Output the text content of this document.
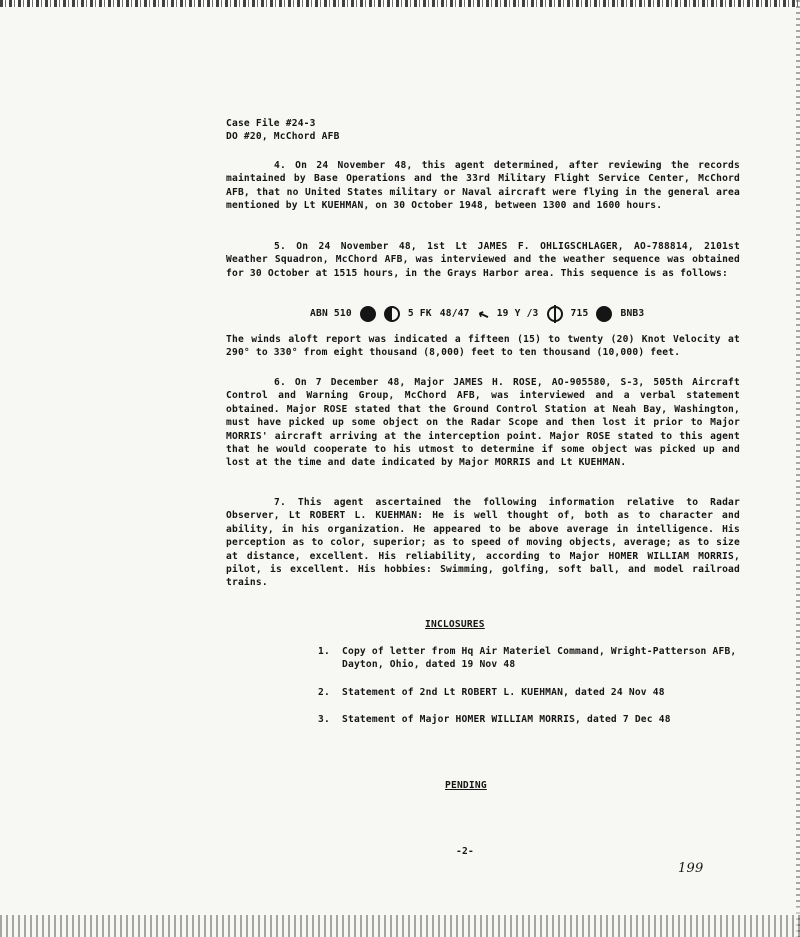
Case File #24-3
DO #20, McChord AFB

4. On 24 November 48, this agent determined, after reviewing the records maintained by Base Operations and the 33rd Military Flight Service Center, McChord AFB, that no United States military or Naval aircraft were flying in the general area mentioned by Lt KUEHMAN, on 30 October 1948, between 1300 and 1600 hours.

5. On 24 November 48, 1st Lt JAMES F. OHLIGSCHLAGER, AO-788814, 2101st Weather Squadron, McChord AFB, was interviewed and the weather sequence was obtained for 30 October at 1515 hours, in the Grays Harbor area. This sequence is as follows:

ABN 510	5 FK 48/47 ↖ 19 Y /3	715	BNB3

The winds aloft report was indicated a fifteen (15) to twenty (20) Knot Velocity at 290° to 330° from eight thousand (8,000) feet to ten thousand (10,000) feet.

6. On 7 December 48, Major JAMES H. ROSE, AO-905580, S-3, 505th Aircraft Control and Warning Group, McChord AFB, was interviewed and a verbal statement obtained. Major ROSE stated that the Ground Control Station at Neah Bay, Washington, must have picked up some object on the Radar Scope and then lost it prior to Major MORRIS' aircraft arriving at the interception point. Major ROSE stated to this agent that he would cooperate to his utmost to determine if some object was picked up and lost at the time and date indicated by Major MORRIS and Lt KUEHMAN.

7. This agent ascertained the following information relative to Radar Observer, Lt ROBERT L. KUEHMAN: He is well thought of, both as to character and ability, in his organization. He appeared to be above average in intelligence. His perception as to color, superior; as to speed of moving objects, average; as to size at distance, excellent. His reliability, according to Major HOMER WILLIAM MORRIS, pilot, is excellent. His hobbies: Swimming, golfing, soft ball, and model railroad trains.

INCLOSURES
1.	Copy of letter from Hq Air Materiel Command, Wright-Patterson AFB, Dayton, Ohio, dated 19 Nov 48
2.	Statement of 2nd Lt ROBERT L. KUEHMAN, dated 24 Nov 48
3.	Statement of Major HOMER WILLIAM MORRIS, dated 7 Dec 48
PENDING
-2-
199
